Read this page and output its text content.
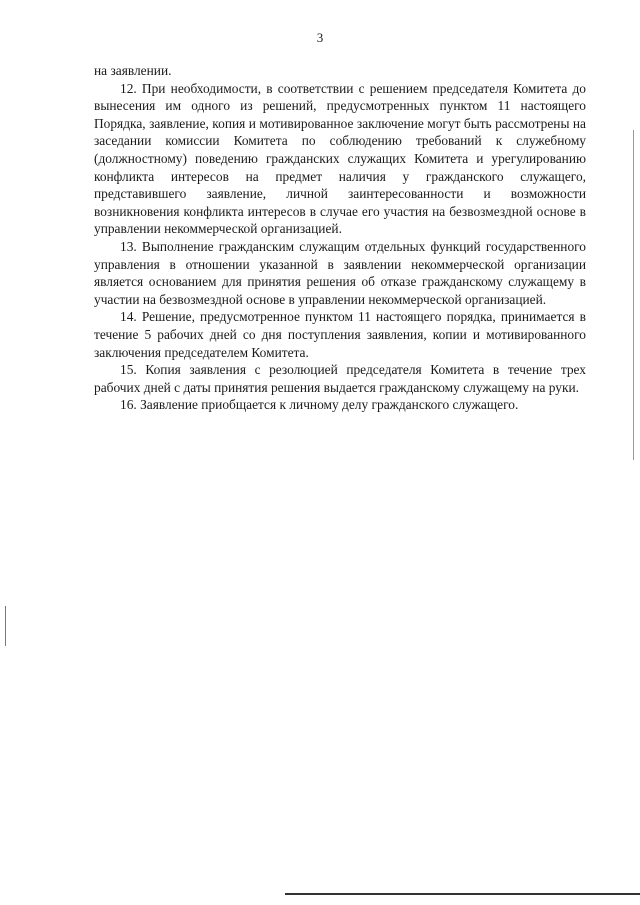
3

на заявлении.

12. При необходимости, в соответствии с решением председателя Комитета до вынесения им одного из решений, предусмотренных пунктом 11 настоящего Порядка, заявление, копия и мотивированное заключение могут быть рассмотрены на заседании комиссии Комитета по соблюдению требований к служебному (должностному) поведению гражданских служащих Комитета и урегулированию конфликта интересов на предмет наличия у гражданского служащего, представившего заявление, личной заинтересованности и возможности возникновения конфликта интересов в случае его участия на безвозмездной основе в управлении некоммерческой организацией.

13. Выполнение гражданским служащим отдельных функций государственного управления в отношении указанной в заявлении некоммерческой организации является основанием для принятия решения об отказе гражданскому служащему в участии на безвозмездной основе в управлении некоммерческой организацией.

14. Решение, предусмотренное пунктом 11 настоящего порядка, принимается в течение 5 рабочих дней со дня поступления заявления, копии и мотивированного заключения председателем Комитета.

15. Копия заявления с резолюцией председателя Комитета в течение трех рабочих дней с даты принятия решения выдается гражданскому служащему на руки.

16. Заявление приобщается к личному делу гражданского служащего.
